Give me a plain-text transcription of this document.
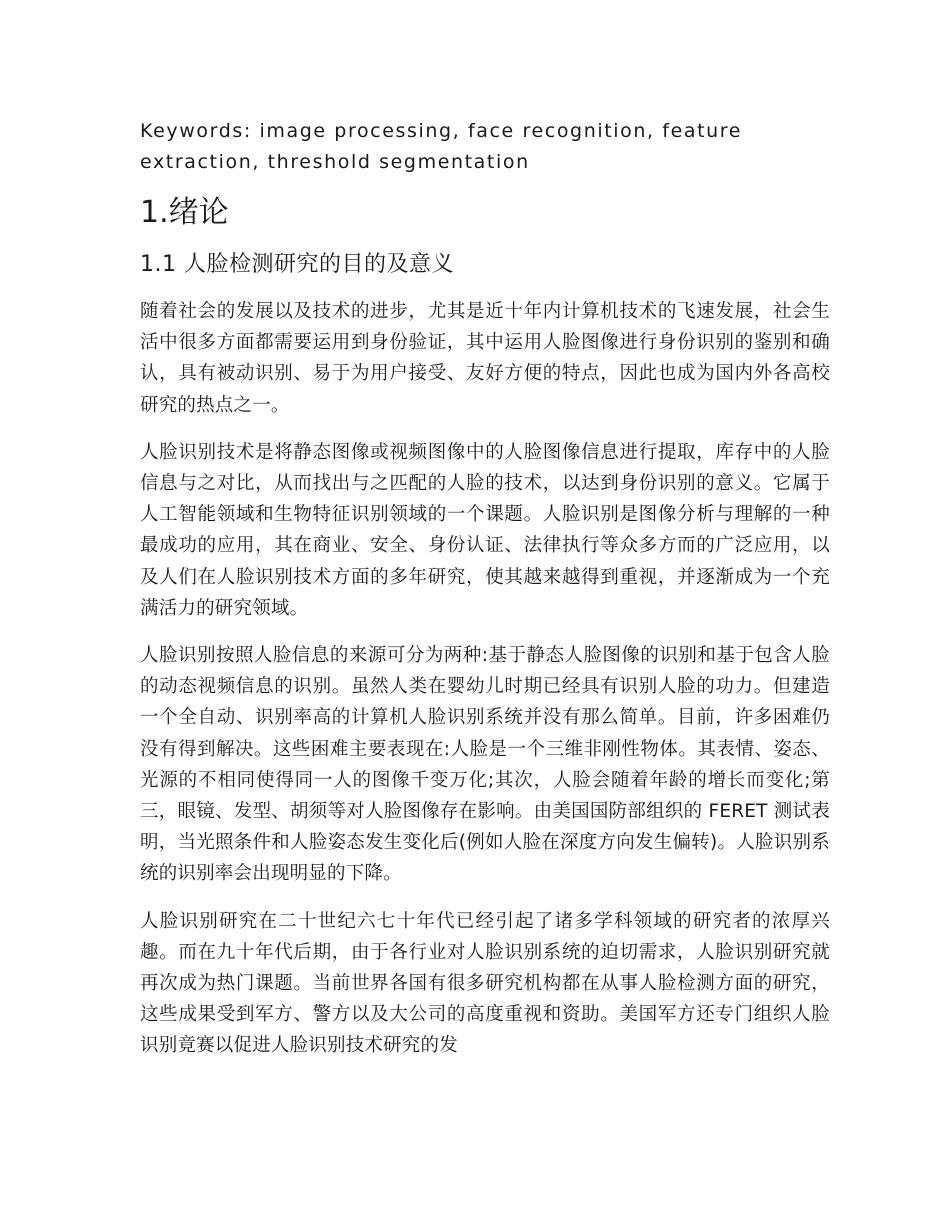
Keywords: image processing, face recognition, feature extraction, threshold segmentation

1.绪论
1.1 人脸检测研究的目的及意义

随着社会的发展以及技术的进步，尤其是近十年内计算机技术的飞速发展，社会生活中很多方面都需要运用到身份验证，其中运用人脸图像进行身份识别的鉴别和确认，具有被动识别、易于为用户接受、友好方便的特点，因此也成为国内外各高校研究的热点之一。

人脸识别技术是将静态图像或视频图像中的人脸图像信息进行提取，库存中的人脸信息与之对比，从而找出与之匹配的人脸的技术，以达到身份识别的意义。它属于人工智能领域和生物特征识别领域的一个课题。人脸识别是图像分析与理解的一种最成功的应用，其在商业、安全、身份认证、法律执行等众多方而的广泛应用，以及人们在人脸识别技术方面的多年研究，使其越来越得到重视，并逐渐成为一个充满活力的研究领域。

人脸识别按照人脸信息的来源可分为两种:基于静态人脸图像的识别和基于包含人脸的动态视频信息的识别。虽然人类在婴幼儿时期已经具有识别人脸的功力。但建造一个全自动、识别率高的计算机人脸识别系统并没有那么简单。目前，许多困难仍没有得到解决。这些困难主要表现在:人脸是一个三维非刚性物体。其表情、姿态、光源的不相同使得同一人的图像千变万化;其次，人脸会随着年龄的增长而变化;第三，眼镜、发型、胡须等对人脸图像存在影响。由美国国防部组织的 FERET 测试表明，当光照条件和人脸姿态发生变化后(例如人脸在深度方向发生偏转)。人脸识别系统的识别率会出现明显的下降。

人脸识别研究在二十世纪六七十年代已经引起了诸多学科领域的研究者的浓厚兴趣。而在九十年代后期，由于各行业对人脸识别系统的迫切需求，人脸识别研究就再次成为热门课题。当前世界各国有很多研究机构都在从事人脸检测方面的研究，这些成果受到军方、警方以及大公司的高度重视和资助。美国军方还专门组织人脸识别竟赛以促进人脸识别技术研究的发
